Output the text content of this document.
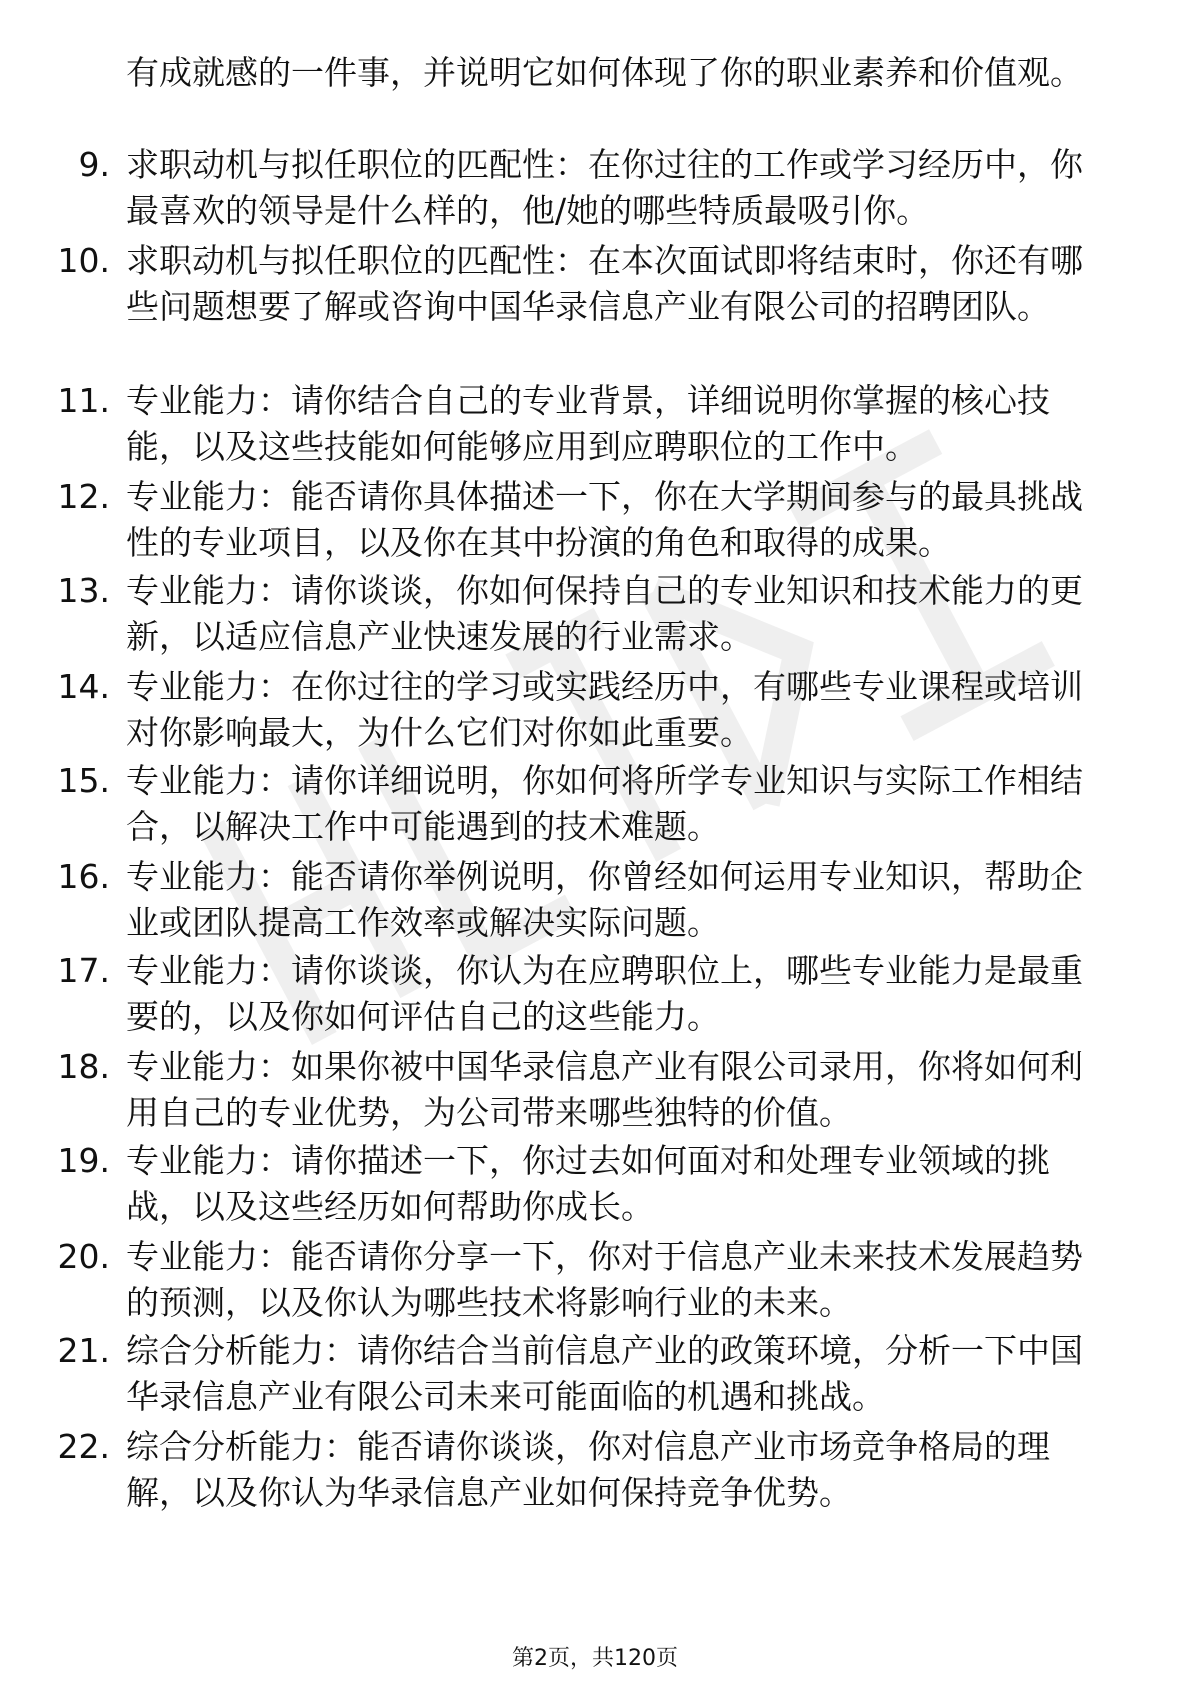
有成就感的一件事，并说明它如何体现了你的职业素养和价值观。
9. 求职动机与拟任职位的匹配性：在你过往的工作或学习经历中，你最喜欢的领导是什么样的，他/她的哪些特质最吸引你。
10. 求职动机与拟任职位的匹配性：在本次面试即将结束时，你还有哪些问题想要了解或咨询中国华录信息产业有限公司的招聘团队。
11. 专业能力：请你结合自己的专业背景，详细说明你掌握的核心技能，以及这些技能如何能够应用到应聘职位的工作中。
12. 专业能力：能否请你具体描述一下，你在大学期间参与的最具挑战性的专业项目，以及你在其中扮演的角色和取得的成果。
13. 专业能力：请你谈谈，你如何保持自己的专业知识和技术能力的更新，以适应信息产业快速发展的行业需求。
14. 专业能力：在你过往的学习或实践经历中，有哪些专业课程或培训对你影响最大，为什么它们对你如此重要。
15. 专业能力：请你详细说明，你如何将所学专业知识与实际工作相结合，以解决工作中可能遇到的技术难题。
16. 专业能力：能否请你举例说明，你曾经如何运用专业知识，帮助企业或团队提高工作效率或解决实际问题。
17. 专业能力：请你谈谈，你认为在应聘职位上，哪些专业能力是最重要的，以及你如何评估自己的这些能力。
18. 专业能力：如果你被中国华录信息产业有限公司录用，你将如何利用自己的专业优势，为公司带来哪些独特的价值。
19. 专业能力：请你描述一下，你过去如何面对和处理专业领域的挑战，以及这些经历如何帮助你成长。
20. 专业能力：能否请你分享一下，你对于信息产业未来技术发展趋势的预测，以及你认为哪些技术将影响行业的未来。
21. 综合分析能力：请你结合当前信息产业的政策环境，分析一下中国华录信息产业有限公司未来可能面临的机遇和挑战。
22. 综合分析能力：能否请你谈谈，你对信息产业市场竞争格局的理解，以及你认为华录信息产业如何保持竞争优势。
第2页，共120页
